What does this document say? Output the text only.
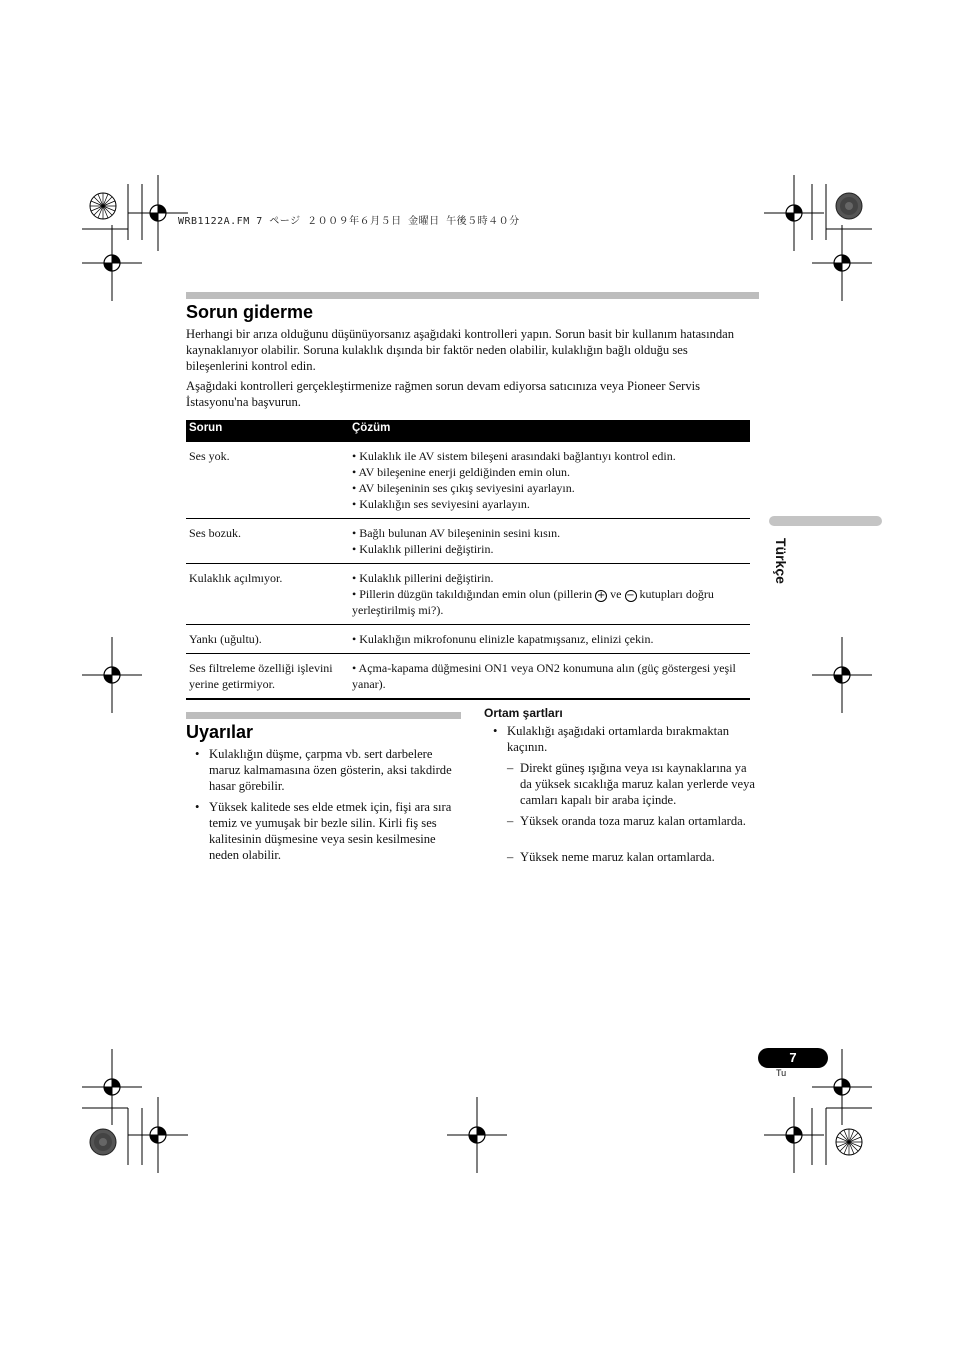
WRB1122A.FM 7 ページ ２００９年６月５日 金曜日 午後５時４０分
Sorun giderme
Herhangi bir arıza olduğunu düşünüyorsanız aşağıdaki kontrolleri yapın. Sorun basit bir kullanım hatasından kaynaklanıyor olabilir. Soruna kulaklık dışında bir faktör neden olabilir, kulaklığın bağlı olduğu ses bileşenlerini kontrol edin.
Aşağıdaki kontrolleri gerçekleştirmenize rağmen sorun devam ediyorsa satıcınıza veya Pioneer Servis İstasyonu'na başvurun.
Sorun	Çözüm
Ses yok.	• Kulaklık ile AV sistem bileşeni arasındaki bağlantıyı kontrol edin.
• AV bileşenine enerji geldiğinden emin olun.
• AV bileşeninin ses çıkış seviyesini ayarlayın.
• Kulaklığın ses seviyesini ayarlayın.

Ses bozuk.	• Bağlı bulunan AV bileşeninin sesini kısın.
• Kulaklık pillerini değiştirin.

Kulaklık açılmıyor.	• Kulaklık pillerini değiştirin.
• Pillerin düzgün takıldığından emin olun (pillerin + ve − kutupları doğru yerleştirilmiş mi?).

Yankı (uğultu).	• Kulaklığın mikrofonunu elinizle kapatmışsanız, elinizi çekin.

Ses filtreleme özelliği işlevini yerine getirmiyor.	• Açma-kapama düğmesini ON1 veya ON2 konumuna alın (güç göstergesi yeşil yanar).
Uyarılar
• Kulaklığın düşme, çarpma vb. sert darbelere maruz kalmamasına özen gösterin, aksi takdirde hasar görebilir.
• Yüksek kalitede ses elde etmek için, fişi ara sıra temiz ve yumuşak bir bezle silin. Kirli fiş ses kalitesinin düşmesine veya sesin kesilmesine neden olabilir.
Ortam şartları
• Kulaklığı aşağıdaki ortamlarda bırakmaktan kaçının.
– Direkt güneş ışığına veya ısı kaynaklarına ya da yüksek sıcaklığa maruz kalan yerlerde veya camları kapalı bir araba içinde.
– Yüksek oranda toza maruz kalan ortamlarda.
– Yüksek neme maruz kalan ortamlarda.
Türkçe
7
Tu
